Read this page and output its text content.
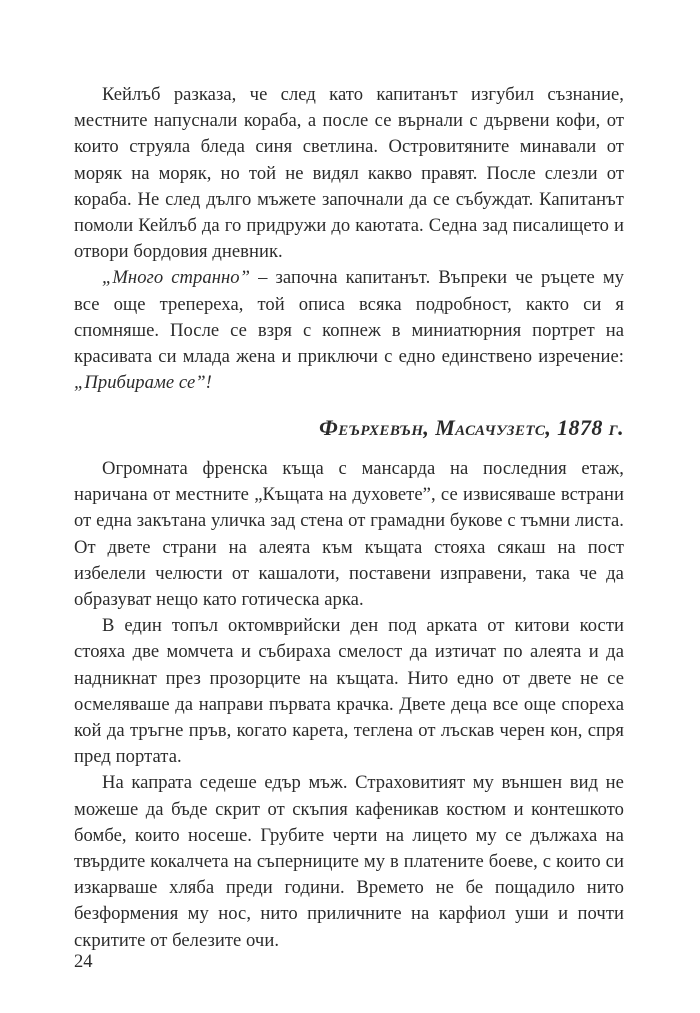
Кейлъб разказа, че след като капитанът изгубил съзнание, местните напуснали кораба, а после се върнали с дървени кофи, от които струяла бледа синя светлина. Островитяните минавали от моряк на моряк, но той не видял какво правят. После слезли от кораба. Не след дълго мъжете започнали да се събуждат. Капитанът помоли Кейлъб да го придружи до каютата. Седна зад писалището и отвори бордовия дневник.

„Много странно” – започна капитанът. Въпреки че ръцете му все още трепереха, той описа всяка подробност, както си я спомняше. После се взря с копнеж в миниатюрния портрет на красивата си млада жена и приключи с едно единствено изречение: „Прибираме се”!

Феърхевън, Масачузетс, 1878 г.

Огромната френска къща с мансарда на последния етаж, наричана от местните „Къщата на духовете”, се извисяваше встрани от една закътана уличка зад стена от грамадни букове с тъмни листа. От двете страни на алеята към къщата стояха сякаш на пост избелели челюсти от кашалоти, поставени изправени, така че да образуват нещо като готическа арка.

В един топъл октомврийски ден под арката от китови кости стояха две момчета и събираха смелост да изтичат по алеята и да надникнат през прозорците на къщата. Нито едно от двете не се осмеляваше да направи първата крачка. Двете деца все още спореха кой да тръгне пръв, когато карета, теглена от лъскав черен кон, спря пред портата.

На капрата седеше едър мъж. Страховитият му външен вид не можеше да бъде скрит от скъпия кафеникав костюм и контешкото бомбе, които носеше. Грубите черти на лицето му се дължаха на твърдите кокалчета на съперниците му в платените боеве, с които си изкарваше хляба преди години. Времето не бе пощадило нито безформения му нос, нито приличните на карфиол уши и почти скритите от белезите очи.

24
